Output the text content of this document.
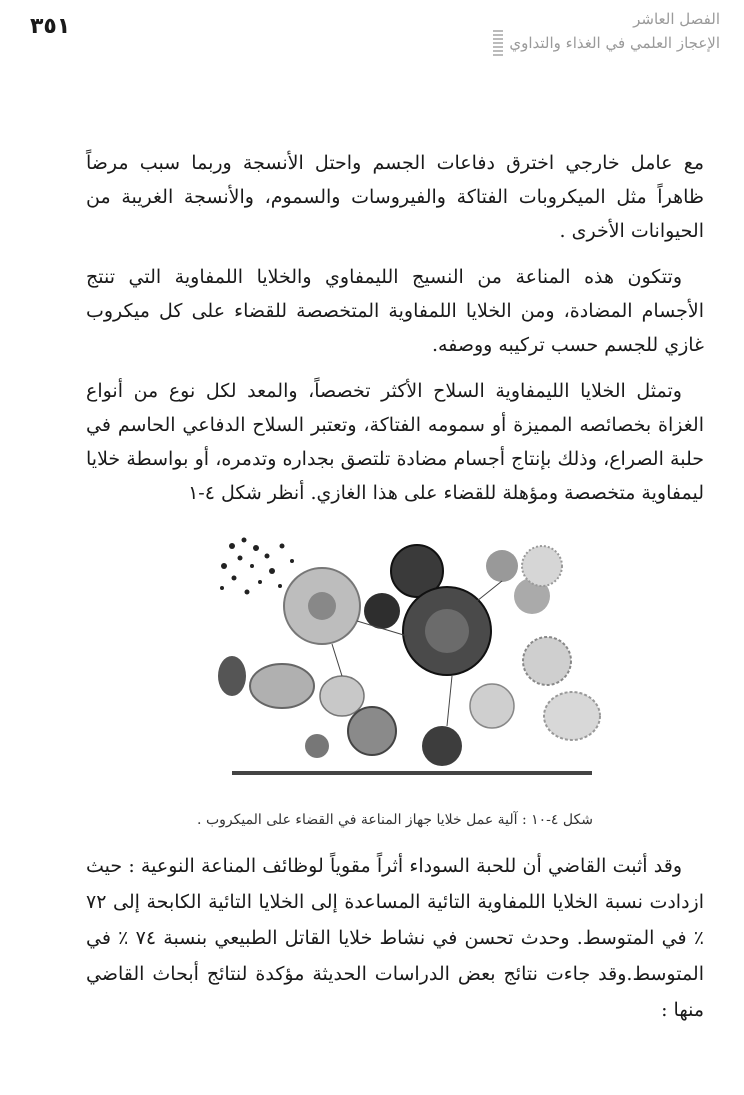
٣٥١	الفصل العاشر
الإعجاز العلمي في الغذاء والتداوي

مع عامل خارجي اخترق دفاعات الجسم واحتل الأنسجة وربما سبب مرضاً ظاهراً مثل الميكروبات الفتاكة والفيروسات والسموم، والأنسجة الغريبة من الحيوانات الأخرى .

وتتكون هذه المناعة من النسيج الليمفاوي والخلايا اللمفاوية التي تنتج الأجسام المضادة، ومن الخلايا اللمفاوية المتخصصة للقضاء على كل ميكروب غازي للجسم حسب تركيبه ووصفه.

وتمثل الخلايا الليمفاوية السلاح الأكثر تخصصاً، والمعد لكل نوع من أنواع الغزاة بخصائصه المميزة أو سمومه الفتاكة، وتعتبر السلاح الدفاعي الحاسم في حلبة الصراع، وذلك بإنتاج أجسام مضادة تلتصق بجداره وتدمره، أو بواسطة خلايا ليمفاوية متخصصة ومؤهلة للقضاء على هذا الغازي. أنظر شكل ٤-١

شكل ٤-١٠ : آلية عمل خلايا جهاز المناعة في القضاء على الميكروب .

وقد أثبت القاضي أن للحبة السوداء أثراً مقوياً لوظائف المناعة النوعية : حيث ازدادت نسبة الخلايا اللمفاوية التائية المساعدة إلى الخلايا التائية الكابحة إلى ٧٢ ٪ في المتوسط. وحدث تحسن في نشاط خلايا القاتل الطبيعي بنسبة ٧٤ ٪ في المتوسط.وقد جاءت نتائج بعض الدراسات الحديثة مؤكدة لنتائج أبحاث القاضي منها :
